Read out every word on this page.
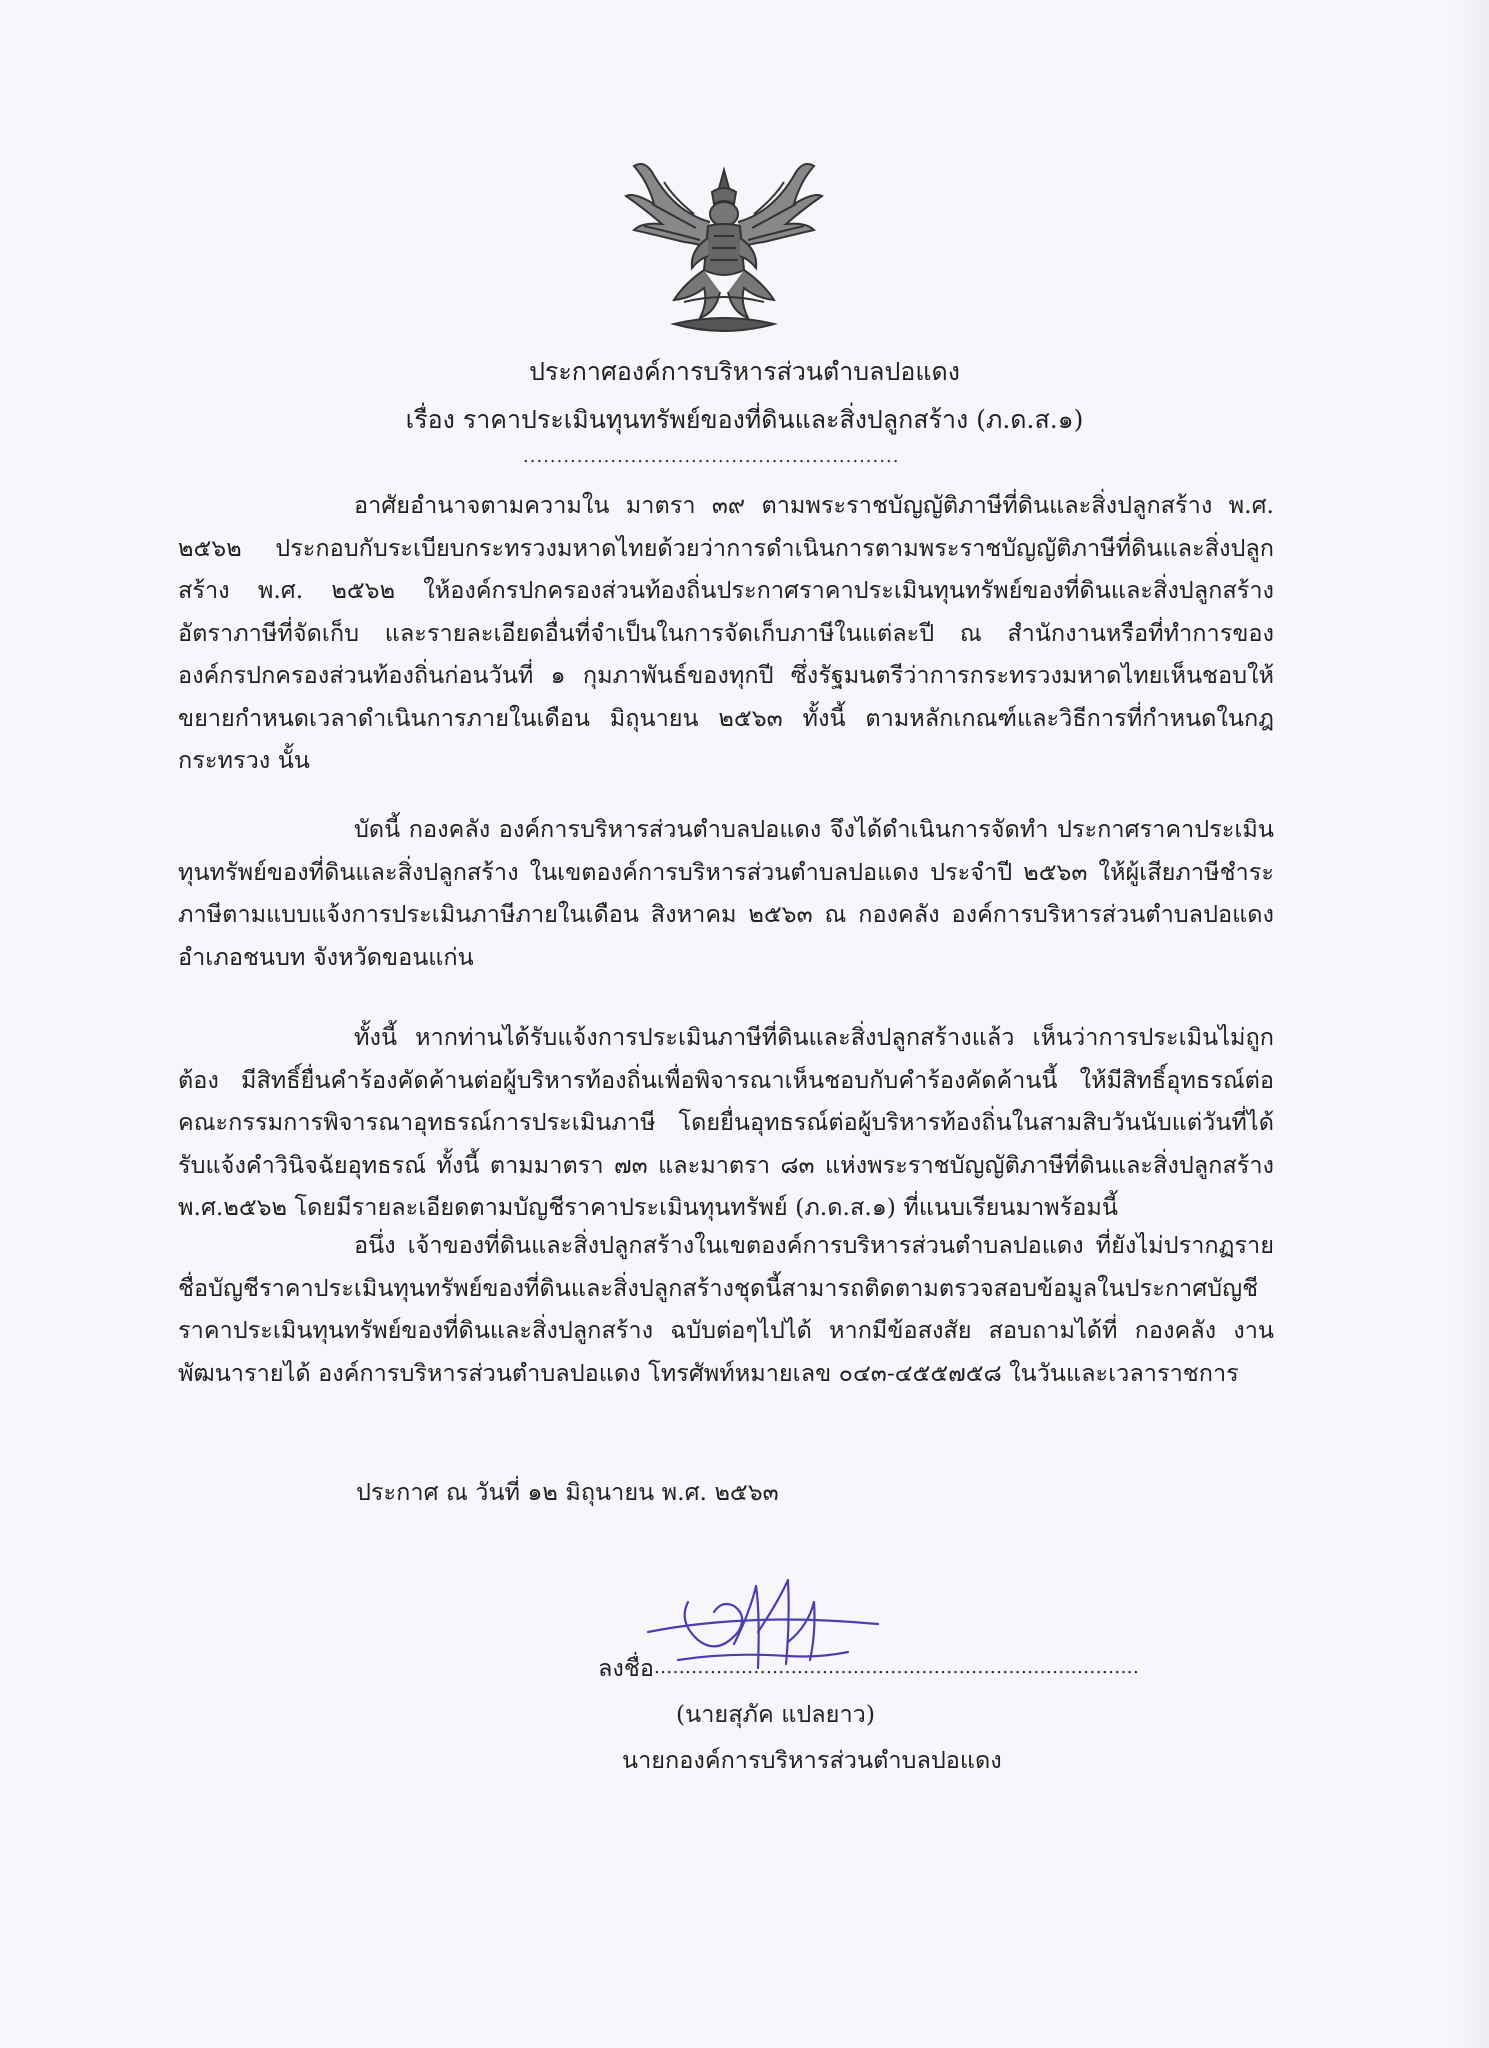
ประกาศองค์การบริหารส่วนตำบลปอแดง
เรื่อง ราคาประเมินทุนทรัพย์ของที่ดินและสิ่งปลูกสร้าง (ภ.ด.ส.๑)
........................................................

อาศัยอำนาจตามความใน มาตรา ๓๙ ตามพระราชบัญญัติภาษีที่ดินและสิ่งปลูกสร้าง พ.ศ. ๒๕๖๒ ประกอบกับระเบียบกระทรวงมหาดไทยด้วยว่าการดำเนินการตามพระราชบัญญัติภาษีที่ดินและสิ่งปลูกสร้าง พ.ศ. ๒๕๖๒ ให้องค์กรปกครองส่วนท้องถิ่นประกาศราคาประเมินทุนทรัพย์ของที่ดินและสิ่งปลูกสร้าง อัตราภาษีที่จัดเก็บ และรายละเอียดอื่นที่จำเป็นในการจัดเก็บภาษีในแต่ละปี ณ สำนักงานหรือที่ทำการขององค์กรปกครองส่วนท้องถิ่นก่อนวันที่ ๑ กุมภาพันธ์ของทุกปี ซึ่งรัฐมนตรีว่าการกระทรวงมหาดไทยเห็นชอบให้ขยายกำหนดเวลาดำเนินการภายในเดือน มิถุนายน ๒๕๖๓ ทั้งนี้ ตามหลักเกณฑ์และวิธีการที่กำหนดในกฎกระทรวง นั้น

บัดนี้ กองคลัง องค์การบริหารส่วนตำบลปอแดง จึงได้ดำเนินการจัดทำ ประกาศราคาประเมินทุนทรัพย์ของที่ดินและสิ่งปลูกสร้าง ในเขตองค์การบริหารส่วนตำบลปอแดง ประจำปี ๒๕๖๓ ให้ผู้เสียภาษีชำระภาษีตามแบบแจ้งการประเมินภาษีภายในเดือน สิงหาคม ๒๕๖๓ ณ กองคลัง องค์การบริหารส่วนตำบลปอแดง อำเภอชนบท จังหวัดขอนแก่น

ทั้งนี้ หากท่านได้รับแจ้งการประเมินภาษีที่ดินและสิ่งปลูกสร้างแล้ว เห็นว่าการประเมินไม่ถูกต้อง มีสิทธิ์ยื่นคำร้องคัดค้านต่อผู้บริหารท้องถิ่นเพื่อพิจารณาเห็นชอบกับคำร้องคัดค้านนี้ ให้มีสิทธิ์อุทธรณ์ต่อคณะกรรมการพิจารณาอุทธรณ์การประเมินภาษี โดยยื่นอุทธรณ์ต่อผู้บริหารท้องถิ่นในสามสิบวันนับแต่วันที่ได้รับแจ้งคำวินิจฉัยอุทธรณ์ ทั้งนี้ ตามมาตรา ๗๓ และมาตรา ๘๓ แห่งพระราชบัญญัติภาษีที่ดินและสิ่งปลูกสร้าง พ.ศ.๒๕๖๒ โดยมีรายละเอียดตามบัญชีราคาประเมินทุนทรัพย์ (ภ.ด.ส.๑) ที่แนบเรียนมาพร้อมนี้

อนึ่ง เจ้าของที่ดินและสิ่งปลูกสร้างในเขตองค์การบริหารส่วนตำบลปอแดง ที่ยังไม่ปรากฏรายชื่อบัญชีราคาประเมินทุนทรัพย์ของที่ดินและสิ่งปลูกสร้างชุดนี้สามารถติดตามตรวจสอบข้อมูลในประกาศบัญชีราคาประเมินทุนทรัพย์ของที่ดินและสิ่งปลูกสร้าง ฉบับต่อๆไปได้ หากมีข้อสงสัย สอบถามได้ที่ กองคลัง งานพัฒนารายได้ องค์การบริหารส่วนตำบลปอแดง โทรศัพท์หมายเลข ๐๔๓-๔๕๕๗๕๘ ในวันและเวลาราชการ

ประกาศ ณ วันที่ ๑๒ มิถุนายน พ.ศ. ๒๕๖๓
ลงชื่อ..............................................................................
(นายสุภัค แปลยาว)
นายกองค์การบริหารส่วนตำบลปอแดง
